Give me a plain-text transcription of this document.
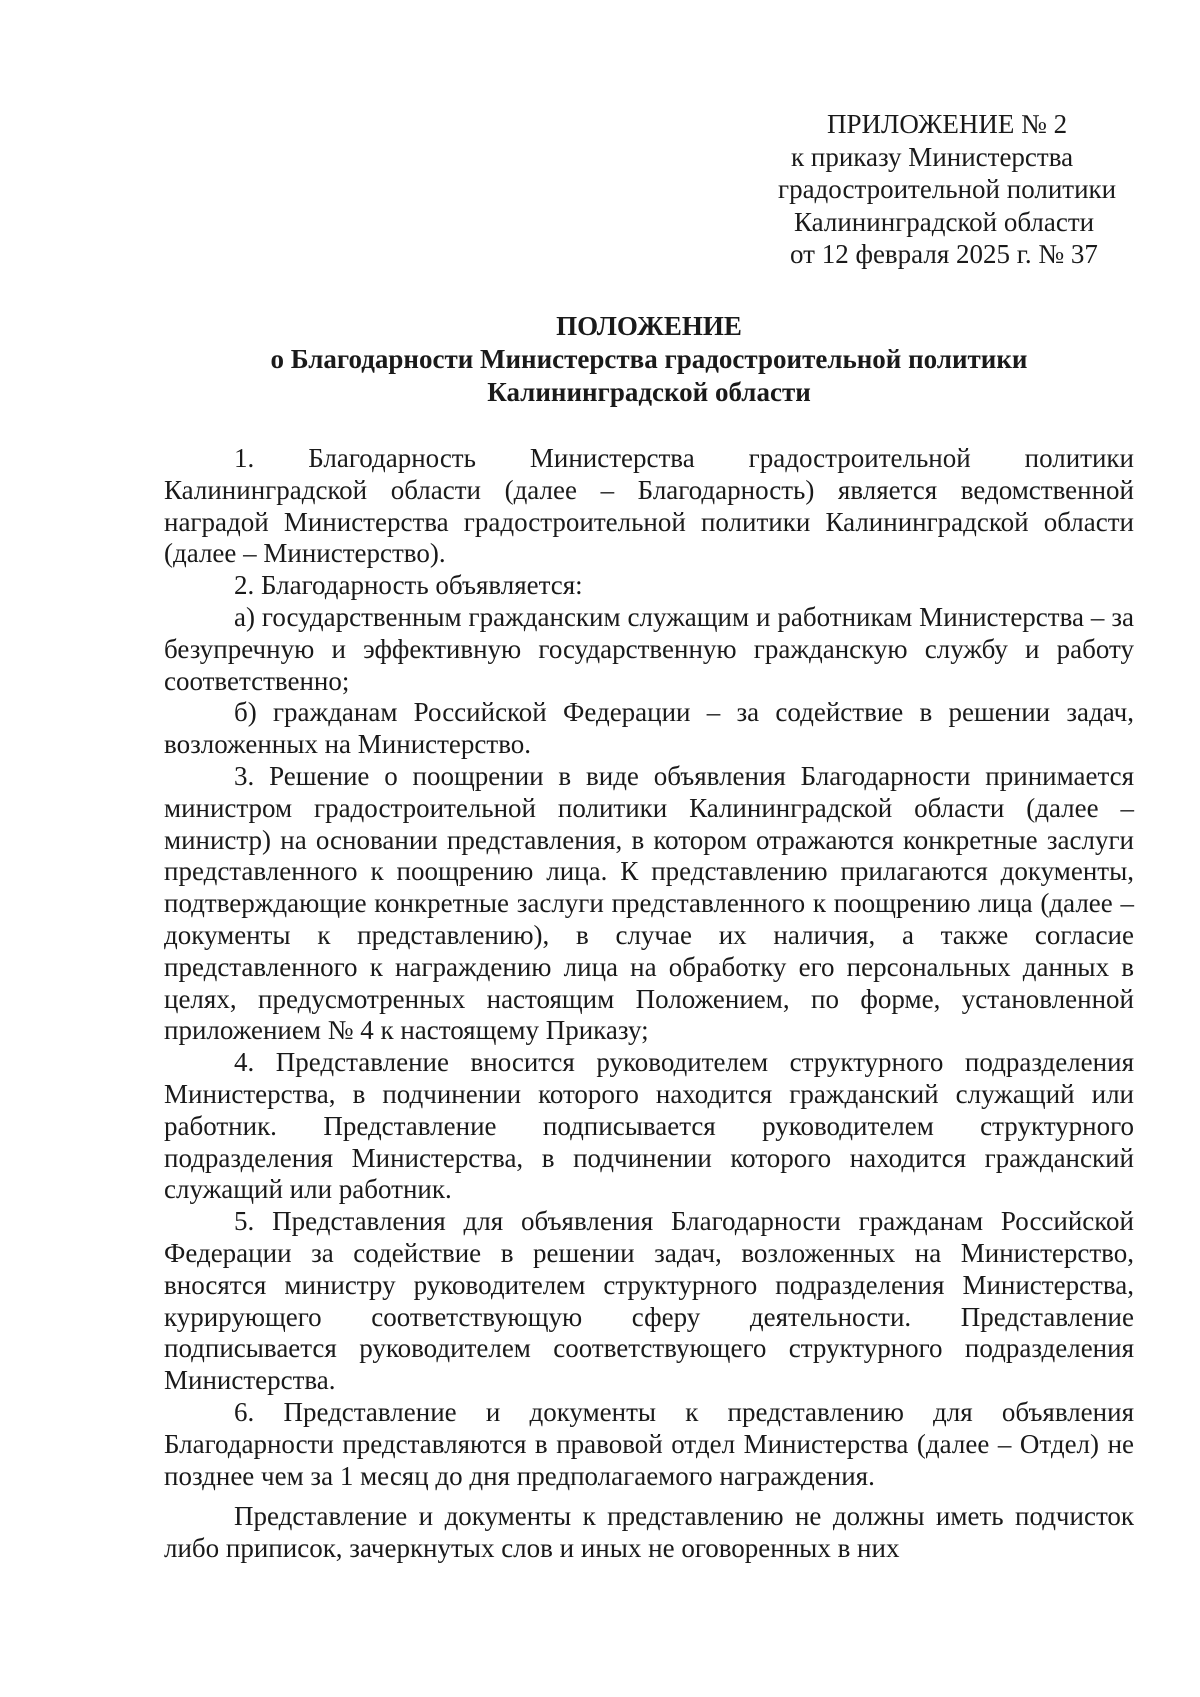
ПРИЛОЖЕНИЕ № 2
к приказу Министерства
градостроительной политики
Калининградской области
от 12 февраля 2025 г. № 37
ПОЛОЖЕНИЕ
о Благодарности Министерства градостроительной политики
Калининградской области

1. Благодарность Министерства градостроительной политики Калининградской области (далее – Благодарность) является ведомственной наградой Министерства градостроительной политики Калининградской области (далее – Министерство).

2. Благодарность объявляется:

а) государственным гражданским служащим и работникам Министерства – за безупречную и эффективную государственную гражданскую службу и работу соответственно;

б) гражданам Российской Федерации – за содействие в решении задач, возложенных на Министерство.

3. Решение о поощрении в виде объявления Благодарности принимается министром градостроительной политики Калининградской области (далее – министр) на основании представления, в котором отражаются конкретные заслуги представленного к поощрению лица. К представлению прилагаются документы, подтверждающие конкретные заслуги представленного к поощрению лица (далее – документы к представлению), в случае их наличия, а также согласие представленного к награждению лица на обработку его персональных данных в целях, предусмотренных настоящим Положением, по форме, установленной приложением № 4 к настоящему Приказу;

4. Представление вносится руководителем структурного подразделения Министерства, в подчинении которого находится гражданский служащий или работник. Представление подписывается руководителем структурного подразделения Министерства, в подчинении которого находится гражданский служащий или работник.

5. Представления для объявления Благодарности гражданам Российской Федерации за содействие в решении задач, возложенных на Министерство, вносятся министру руководителем структурного подразделения Министерства, курирующего соответствующую сферу деятельности. Представление подписывается руководителем соответствующего структурного подразделения Министерства.

6. Представление и документы к представлению для объявления Благодарности представляются в правовой отдел Министерства (далее – Отдел) не позднее чем за 1 месяц до дня предполагаемого награждения.

Представление и документы к представлению не должны иметь подчисток либо приписок, зачеркнутых слов и иных не оговоренных в них
